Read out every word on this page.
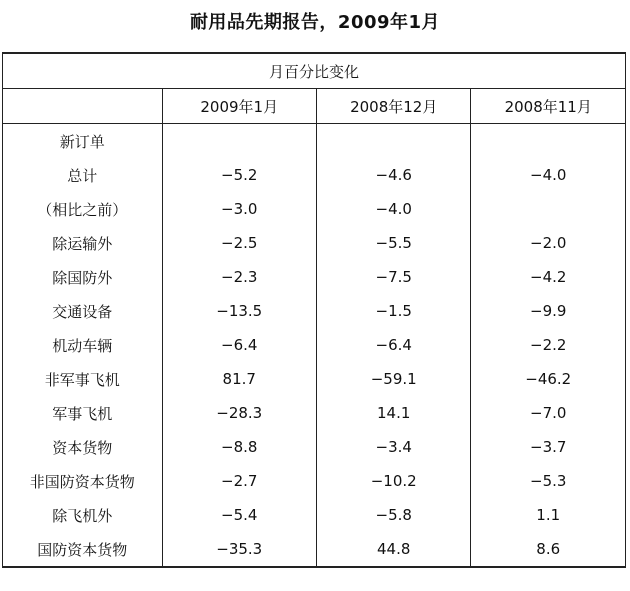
耐用品先期报告，2009年1月
月百分比变化			
	2009年1月	2008年12月	2008年11月
新订单			
总计	−5.2	−4.6	−4.0
（相比之前）	−3.0	−4.0	
除运输外	−2.5	−5.5	−2.0
除国防外	−2.3	−7.5	−4.2
交通设备	−13.5	−1.5	−9.9
机动车辆	−6.4	−6.4	−2.2
非军事飞机	81.7	−59.1	−46.2
军事飞机	−28.3	14.1	−7.0
资本货物	−8.8	−3.4	−3.7
非国防资本货物	−2.7	−10.2	−5.3
除飞机外	−5.4	−5.8	1.1
国防资本货物	−35.3	44.8	8.6
